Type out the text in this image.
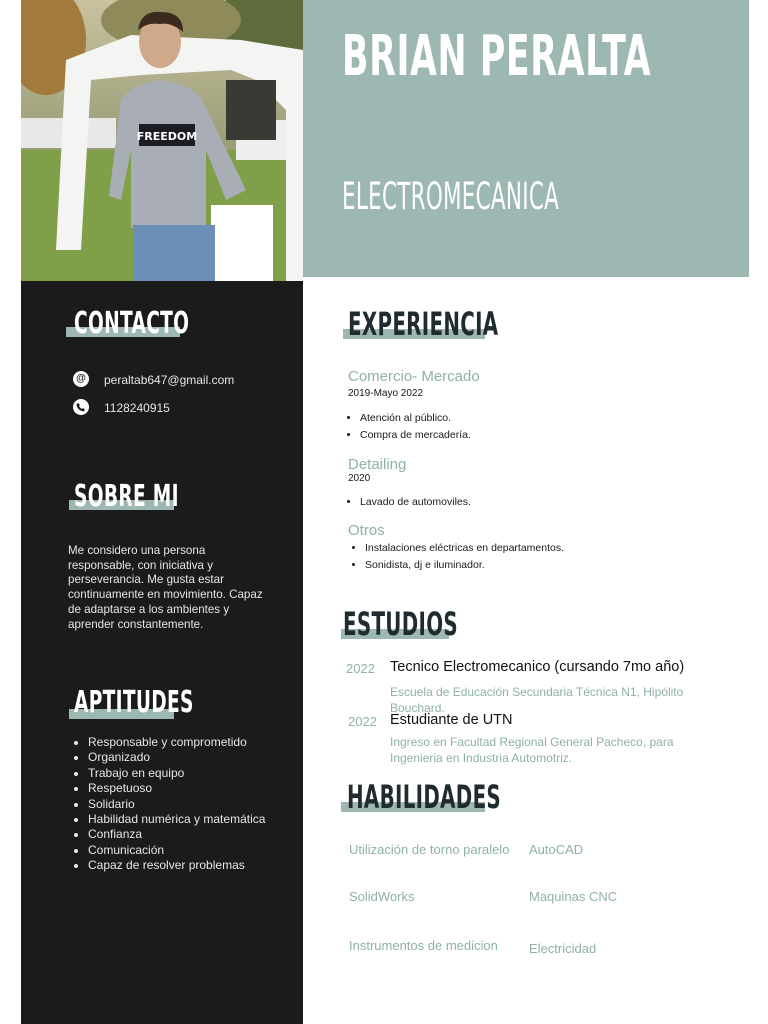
FREEDOM
BRIAN PERALTA
ELECTROMECANICA
CONTACTO
@ peraltab647@gmail.com
1128240915
SOBRE MI
Me considero una persona responsable, con iniciativa y perseverancia. Me gusta estar continuamente en movimiento. Capaz de adaptarse a los ambientes y aprender constantemente.
APTITUDES
• Responsable y comprometido
• Organizado
• Trabajo en equipo
• Respetuoso
• Solidario
• Habilidad numérica y matemática
• Confianza
• Comunicación
• Capaz de resolver problemas
EXPERIENCIA
Comercio- Mercado
2019-Mayo 2022
• Atención al público.
• Compra de mercadería.
Detailing
2020
• Lavado de automoviles.
Otros
• Instalaciones eléctricas en departamentos.
• Sonidista, dj e iluminador.
ESTUDIOS
2022 Tecnico Electromecanico (cursando 7mo año)
Escuela de Educación Secundaria Técnica N1, Hipólito Bouchard.
2022 Estudiante de UTN
Ingreso en Facultad Regional General Pacheco, para Ingenieria en Industria Automotriz.
HABILIDADES
Utilización de torno paralelo AutoCAD
SolidWorks	Maquinas CNC
Instrumentos de medicion Electricidad
